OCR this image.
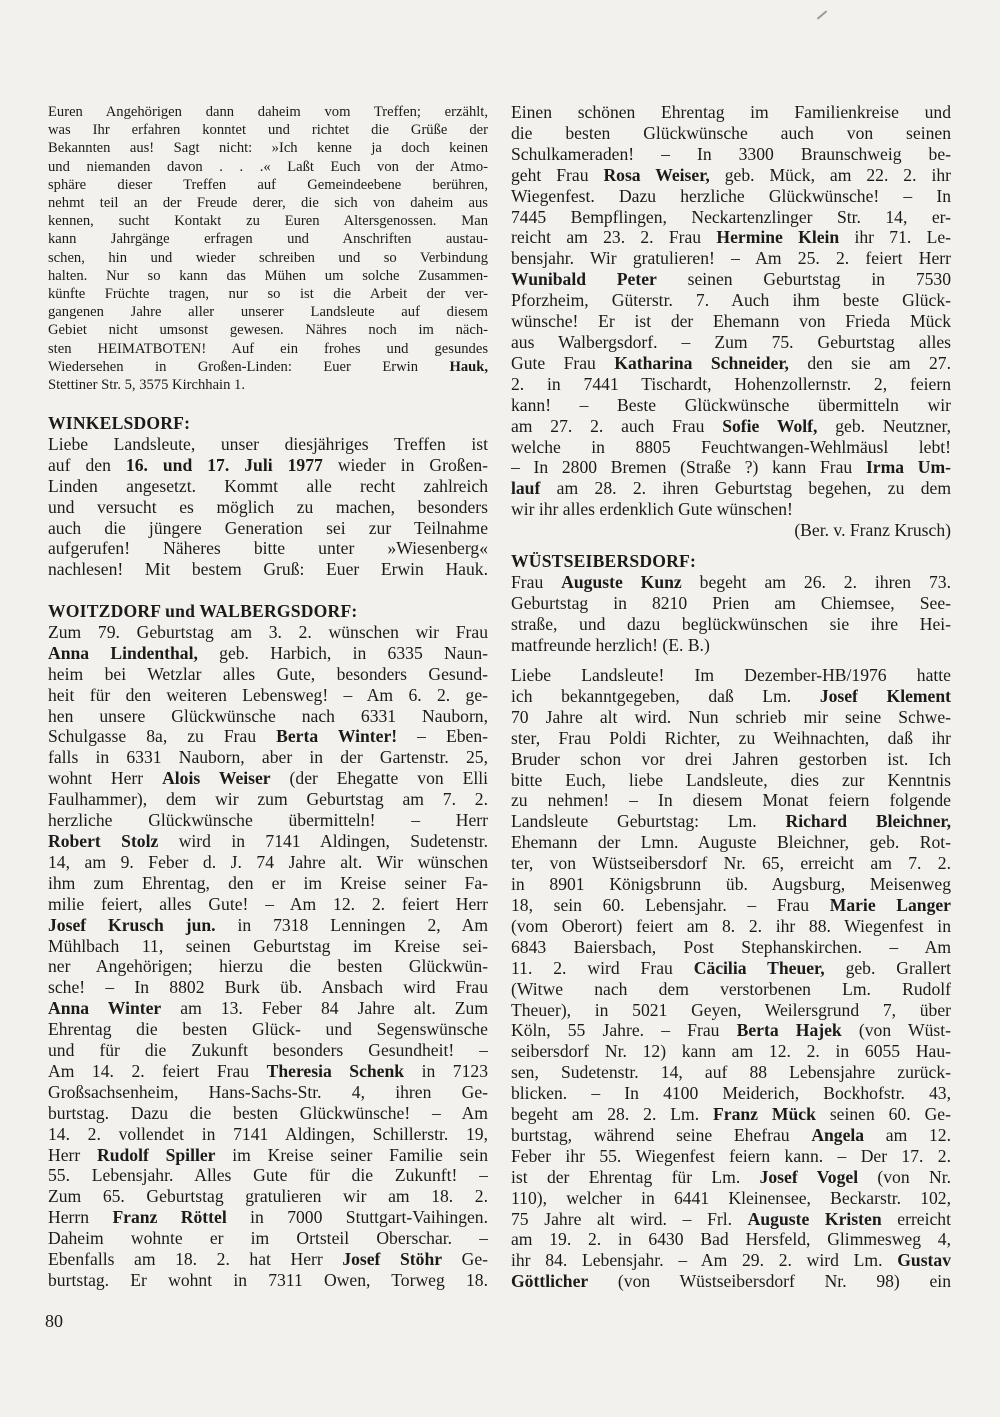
Euren Angehörigen dann daheim vom Treffen; erzählt,
was Ihr erfahren konntet und richtet die Grüße der
Bekannten aus! Sagt nicht: »Ich kenne ja doch keinen
und niemanden davon . . .« Laßt Euch von der Atmo-
sphäre dieser Treffen auf Gemeindeebene berühren,
nehmt teil an der Freude derer, die sich von daheim aus
kennen, sucht Kontakt zu Euren Altersgenossen. Man
kann Jahrgänge erfragen und Anschriften austau-
schen, hin und wieder schreiben und so Verbindung
halten. Nur so kann das Mühen um solche Zusammen-
künfte Früchte tragen, nur so ist die Arbeit der ver-
gangenen Jahre aller unserer Landsleute auf diesem
Gebiet nicht umsonst gewesen. Nähres noch im näch-
sten HEIMATBOTEN! Auf ein frohes und gesundes
Wiedersehen in Großen-Linden: Euer Erwin Hauk,
Stettiner Str. 5, 3575 Kirchhain 1.
WINKELSDORF:
Liebe Landsleute, unser diesjähriges Treffen ist
auf den 16. und 17. Juli 1977 wieder in Großen-
Linden angesetzt. Kommt alle recht zahlreich
und versucht es möglich zu machen, besonders
auch die jüngere Generation sei zur Teilnahme
aufgerufen! Näheres bitte unter »Wiesenberg«
nachlesen! Mit bestem Gruß: Euer Erwin Hauk.
WOITZDORF und WALBERGSDORF:
Zum 79. Geburtstag am 3. 2. wünschen wir Frau
Anna Lindenthal, geb. Harbich, in 6335 Naun-
heim bei Wetzlar alles Gute, besonders Gesund-
heit für den weiteren Lebensweg! – Am 6. 2. ge-
hen unsere Glückwünsche nach 6331 Nauborn,
Schulgasse 8a, zu Frau Berta Winter! – Eben-
falls in 6331 Nauborn, aber in der Gartenstr. 25,
wohnt Herr Alois Weiser (der Ehegatte von Elli
Faulhammer), dem wir zum Geburtstag am 7. 2.
herzliche Glückwünsche übermitteln! – Herr
Robert Stolz wird in 7141 Aldingen, Sudetenstr.
14, am 9. Feber d. J. 74 Jahre alt. Wir wünschen
ihm zum Ehrentag, den er im Kreise seiner Fa-
milie feiert, alles Gute! – Am 12. 2. feiert Herr
Josef Krusch jun. in 7318 Lenningen 2, Am
Mühlbach 11, seinen Geburtstag im Kreise sei-
ner Angehörigen; hierzu die besten Glückwün-
sche! – In 8802 Burk üb. Ansbach wird Frau
Anna Winter am 13. Feber 84 Jahre alt. Zum
Ehrentag die besten Glück- und Segenswünsche
und für die Zukunft besonders Gesundheit! –
Am 14. 2. feiert Frau Theresia Schenk in 7123
Großsachsenheim, Hans-Sachs-Str. 4, ihren Ge-
burtstag. Dazu die besten Glückwünsche! – Am
14. 2. vollendet in 7141 Aldingen, Schillerstr. 19,
Herr Rudolf Spiller im Kreise seiner Familie sein
55. Lebensjahr. Alles Gute für die Zukunft! –
Zum 65. Geburtstag gratulieren wir am 18. 2.
Herrn Franz Röttel in 7000 Stuttgart-Vaihingen.
Daheim wohnte er im Ortsteil Oberschar. –
Ebenfalls am 18. 2. hat Herr Josef Stöhr Ge-
burtstag. Er wohnt in 7311 Owen, Torweg 18.
Einen schönen Ehrentag im Familienkreise und
die besten Glückwünsche auch von seinen
Schulkameraden! – In 3300 Braunschweig be-
geht Frau Rosa Weiser, geb. Mück, am 22. 2. ihr
Wiegenfest. Dazu herzliche Glückwünsche! – In
7445 Bempflingen, Neckartenzlinger Str. 14, er-
reicht am 23. 2. Frau Hermine Klein ihr 71. Le-
bensjahr. Wir gratulieren! – Am 25. 2. feiert Herr
Wunibald Peter seinen Geburtstag in 7530
Pforzheim, Güterstr. 7. Auch ihm beste Glück-
wünsche! Er ist der Ehemann von Frieda Mück
aus Walbergsdorf. – Zum 75. Geburtstag alles
Gute Frau Katharina Schneider, den sie am 27.
2. in 7441 Tischardt, Hohenzollernstr. 2, feiern
kann! – Beste Glückwünsche übermitteln wir
am 27. 2. auch Frau Sofie Wolf, geb. Neutzner,
welche in 8805 Feuchtwangen-Wehlmäusl lebt!
– In 2800 Bremen (Straße ?) kann Frau Irma Um-
lauf am 28. 2. ihren Geburtstag begehen, zu dem
wir ihr alles erdenklich Gute wünschen!
(Ber. v. Franz Krusch)
WÜSTSEIBERSDORF:
Frau Auguste Kunz begeht am 26. 2. ihren 73.
Geburtstag in 8210 Prien am Chiemsee, See-
straße, und dazu beglückwünschen sie ihre Hei-
matfreunde herzlich! (E. B.)
Liebe Landsleute! Im Dezember-HB/1976 hatte
ich bekanntgegeben, daß Lm. Josef Klement
70 Jahre alt wird. Nun schrieb mir seine Schwe-
ster, Frau Poldi Richter, zu Weihnachten, daß ihr
Bruder schon vor drei Jahren gestorben ist. Ich
bitte Euch, liebe Landsleute, dies zur Kenntnis
zu nehmen! – In diesem Monat feiern folgende
Landsleute Geburtstag: Lm. Richard Bleichner,
Ehemann der Lmn. Auguste Bleichner, geb. Rot-
ter, von Wüstseibersdorf Nr. 65, erreicht am 7. 2.
in 8901 Königsbrunn üb. Augsburg, Meisenweg
18, sein 60. Lebensjahr. – Frau Marie Langer
(vom Oberort) feiert am 8. 2. ihr 88. Wiegenfest in
6843 Baiersbach, Post Stephanskirchen. – Am
11. 2. wird Frau Cäcilia Theuer, geb. Grallert
(Witwe nach dem verstorbenen Lm. Rudolf
Theuer), in 5021 Geyen, Weilersgrund 7, über
Köln, 55 Jahre. – Frau Berta Hajek (von Wüst-
seibersdorf Nr. 12) kann am 12. 2. in 6055 Hau-
sen, Sudetenstr. 14, auf 88 Lebensjahre zurück-
blicken. – In 4100 Meiderich, Bockhofstr. 43,
begeht am 28. 2. Lm. Franz Mück seinen 60. Ge-
burtstag, während seine Ehefrau Angela am 12.
Feber ihr 55. Wiegenfest feiern kann. – Der 17. 2.
ist der Ehrentag für Lm. Josef Vogel (von Nr.
110), welcher in 6441 Kleinensee, Beckarstr. 102,
75 Jahre alt wird. – Frl. Auguste Kristen erreicht
am 19. 2. in 6430 Bad Hersfeld, Glimmesweg 4,
ihr 84. Lebensjahr. – Am 29. 2. wird Lm. Gustav
Göttlicher (von Wüstseibersdorf Nr. 98) ein
80
